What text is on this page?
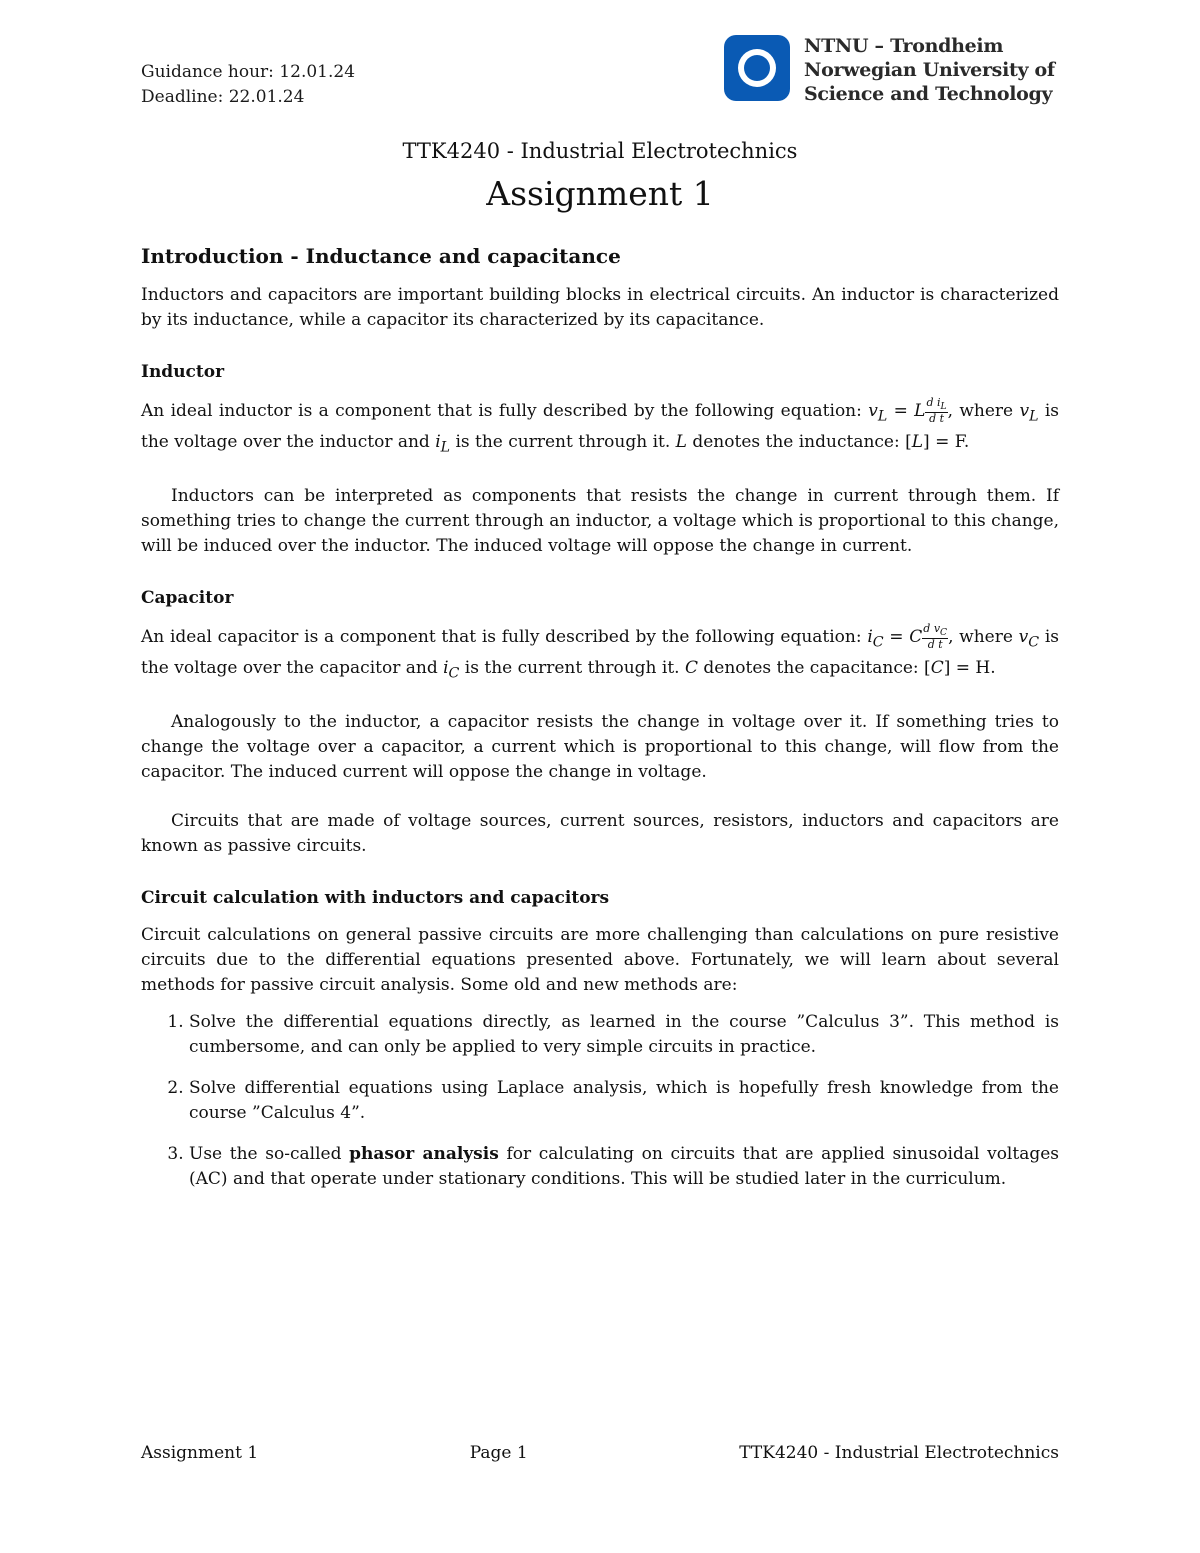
Guidance hour: 12.01.24
Deadline: 22.01.24
NTNU – Trondheim
Norwegian University of
Science and Technology
TTK4240 - Industrial Electrotechnics
Assignment 1
Introduction - Inductance and capacitance

Inductors and capacitors are important building blocks in electrical circuits. An inductor is characterized by its inductance, while a capacitor its characterized by its capacitance.

Inductor

An ideal inductor is a component that is fully described by the following equation: $v_L = L \frac{d i_L}{\text{d t}}$ , where $v_L$ is the voltage over the inductor and $i_L$ is the current through it. L denotes the inductance: [L] = F.

Inductors can be interpreted as components that resists the change in current through them. If something tries to change the current through an inductor, a voltage which is proportional to this change, will be induced over the inductor. The induced voltage will oppose the change in current.

Capacitor

An ideal capacitor is a component that is fully described by the following equation: $i_C = C \frac{d v_C}{\text{d t}}$ , where $v_C$ is the voltage over the capacitor and $i_C$ is the current through it. C denotes the capacitance: [C] = H.

Analogously to the inductor, a capacitor resists the change in voltage over it. If something tries to change the voltage over a capacitor, a current which is proportional to this change, will flow from the capacitor. The induced current will oppose the change in voltage.

Circuits that are made of voltage sources, current sources, resistors, inductors and capacitors are known as passive circuits.

Circuit calculation with inductors and capacitors

Circuit calculations on general passive circuits are more challenging than calculations on pure resistive circuits due to the differential equations presented above. Fortunately, we will learn about several methods for passive circuit analysis. Some old and new methods are:

1. Solve the differential equations directly, as learned in the course ”Calculus 3”. This method is cumbersome, and can only be applied to very simple circuits in practice.
2. Solve differential equations using Laplace analysis, which is hopefully fresh knowledge from the course ”Calculus 4”.
3. Use the so-called phasor analysis for calculating on circuits that are applied sinusoidal voltages (AC) and that operate under stationary conditions. This will be studied later in the curriculum.
Assignment 1	Page 1	TTK4240 - Industrial Electrotechnics
